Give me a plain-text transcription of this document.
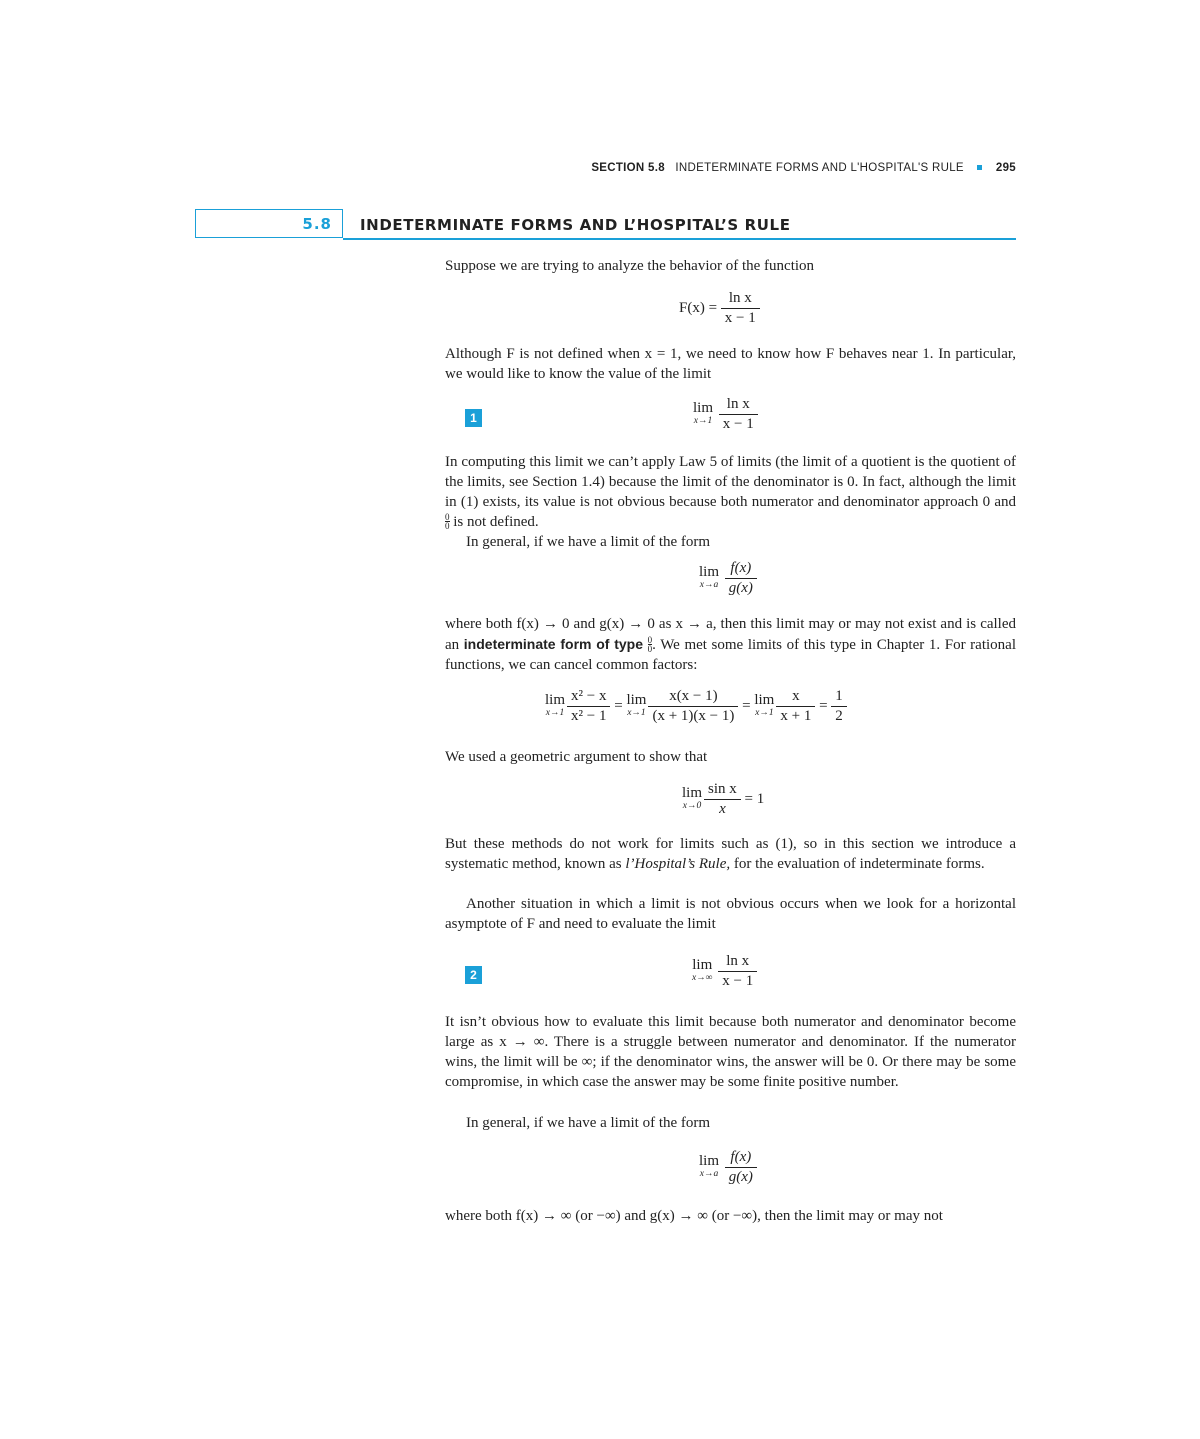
SECTION 5.8 INDETERMINATE FORMS AND L'HOSPITAL'S RULE	295
5.8 INDETERMINATE FORMS AND L’HOSPITAL’S RULE
Suppose we are trying to analyze the behavior of the function
$F(x) = \frac{\text{ln x}}{x - 1}$
Although F is not defined when x = 1, we need to know how F behaves near 1. In particular, we would like to know the value of the limit
1
lim
x→1
$\frac{\text{ln x}}{x - 1}$
In computing this limit we can’t apply Law 5 of limits (the limit of a quotient is the quotient of the limits, see Section 1.4) because the limit of the denominator is 0. In fact, although the limit in (1) exists, its value is not obvious because both numerator and denominator approach 0 and
$\frac{0}{0}$ is not defined.
In general, if we have a limit of the form
lim
x→a
$\frac{f(x)}{g(x)}$
where both f(x) → 0 and g(x) → 0 as x → a, then this limit may or may not exist and is called an indeterminate form of type $\frac{0}{0}$ . We met some limits of this type in Chapter 1. For rational functions, we can cancel common factors:
lim
$x\to 1 \frac{\text{x² − x}}{\text{x² − 1}} = \lim$
$x\to 1 \frac{x(x - 1)}{(x + 1)(x - 1)} = \lim$
$x\to 1 \frac{x}{x + 1} = \frac{1}{2}$
We used a geometric argument to show that
lim
$x\to 0 \frac{\text{sin x}}{x} = 1$
But these methods do not work for limits such as (1), so in this section we introduce a systematic method, known as l’Hospital’s Rule, for the evaluation of indeterminate forms.
Another situation in which a limit is not obvious occurs when we look for a horizontal asymptote of F and need to evaluate the limit
2
lim
x→∞
$\frac{\text{ln x}}{x - 1}$
It isn’t obvious how to evaluate this limit because both numerator and denominator become large as x → ∞. There is a struggle between numerator and denominator. If the numerator wins, the limit will be ∞; if the denominator wins, the answer will be 0. Or there may be some compromise, in which case the answer may be some finite positive number.
In general, if we have a limit of the form
lim
x→a
$\frac{f(x)}{g(x)}$
where both f(x) → ∞ (or −∞) and g(x) → ∞ (or −∞), then the limit may or may not
